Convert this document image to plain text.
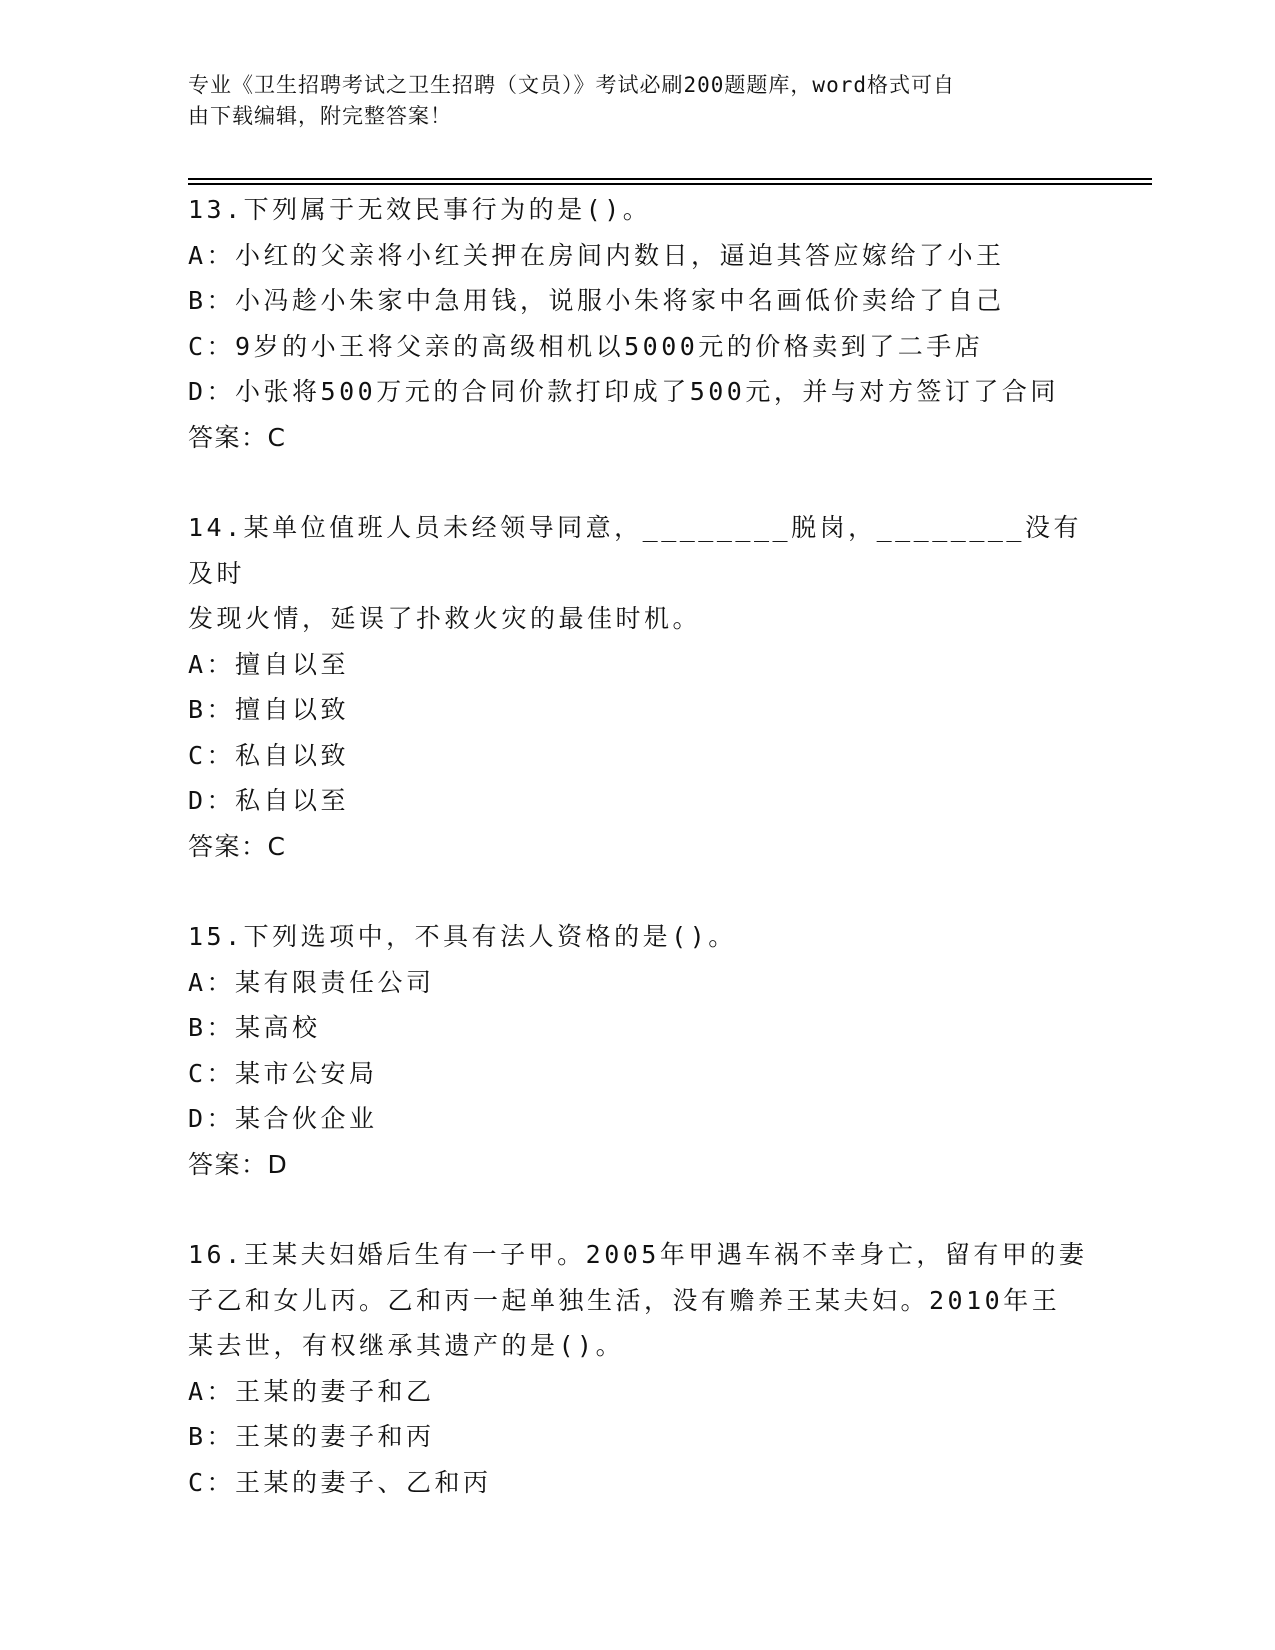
专业《卫生招聘考试之卫生招聘（文员）》考试必刷200题题库，word格式可自
由下载编辑，附完整答案！
13.下列属于无效民事行为的是()。
A：小红的父亲将小红关押在房间内数日，逼迫其答应嫁给了小王
B：小冯趁小朱家中急用钱，说服小朱将家中名画低价卖给了自己
C：9岁的小王将父亲的高级相机以5000元的价格卖到了二手店
D：小张将500万元的合同价款打印成了500元，并与对方签订了合同
答案：C
14.某单位值班人员未经领导同意，________脱岗，________没有及时
发现火情，延误了扑救火灾的最佳时机。
A：擅自以至
B：擅自以致
C：私自以致
D：私自以至
答案：C
15.下列选项中，不具有法人资格的是()。
A：某有限责任公司
B：某高校
C：某市公安局
D：某合伙企业
答案：D
16.王某夫妇婚后生有一子甲。2005年甲遇车祸不幸身亡，留有甲的妻
子乙和女儿丙。乙和丙一起单独生活，没有赡养王某夫妇。2010年王
某去世，有权继承其遗产的是()。
A：王某的妻子和乙
B：王某的妻子和丙
C：王某的妻子、乙和丙
